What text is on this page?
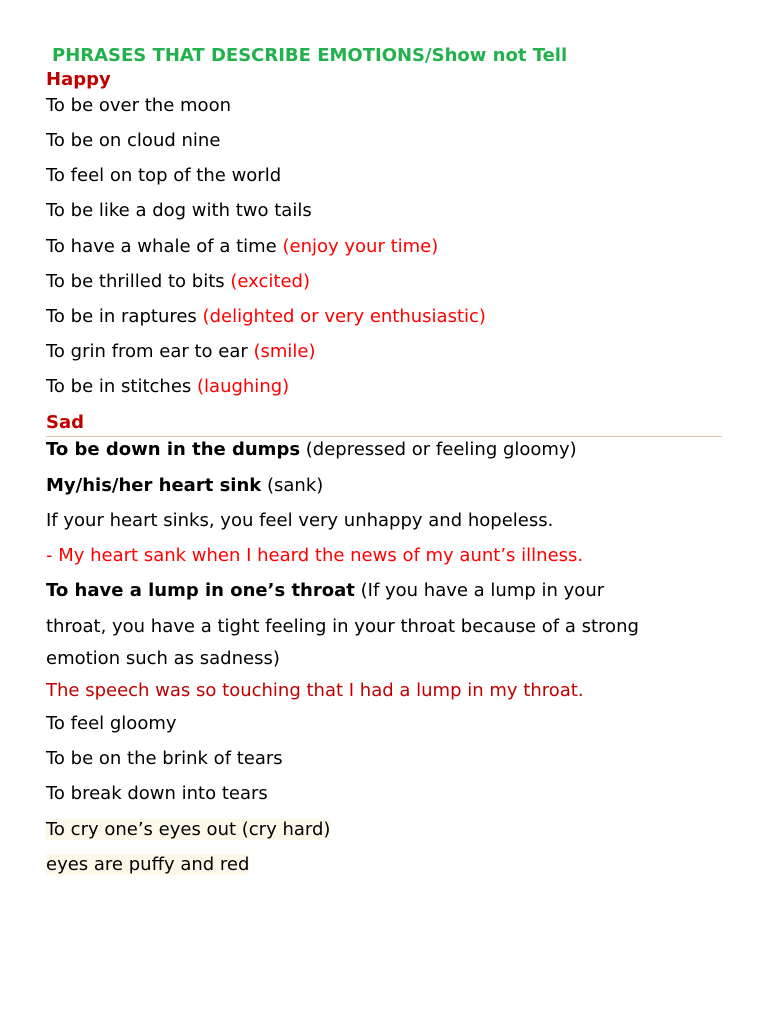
PHRASES THAT DESCRIBE EMOTIONS/Show not Tell
Happy
To be over the moon
To be on cloud nine
To feel on top of the world
To be like a dog with two tails
To have a whale of a time (enjoy your time)
To be thrilled to bits (excited)
To be in raptures (delighted or very enthusiastic)
To grin from ear to ear (smile)
To be in stitches (laughing)
Sad
To be down in the dumps (depressed or feeling gloomy)
My/his/her heart sink (sank)
If your heart sinks, you feel very unhappy and hopeless.
- My heart sank when I heard the news of my aunt’s illness.
To have a lump in one’s throat (If you have a lump in your
throat, you have a tight feeling in your throat because of a strong
emotion such as sadness)
The speech was so touching that I had a lump in my throat.
To feel gloomy
To be on the brink of tears
To break down into tears
To cry one’s eyes out (cry hard)
eyes are puffy and red
